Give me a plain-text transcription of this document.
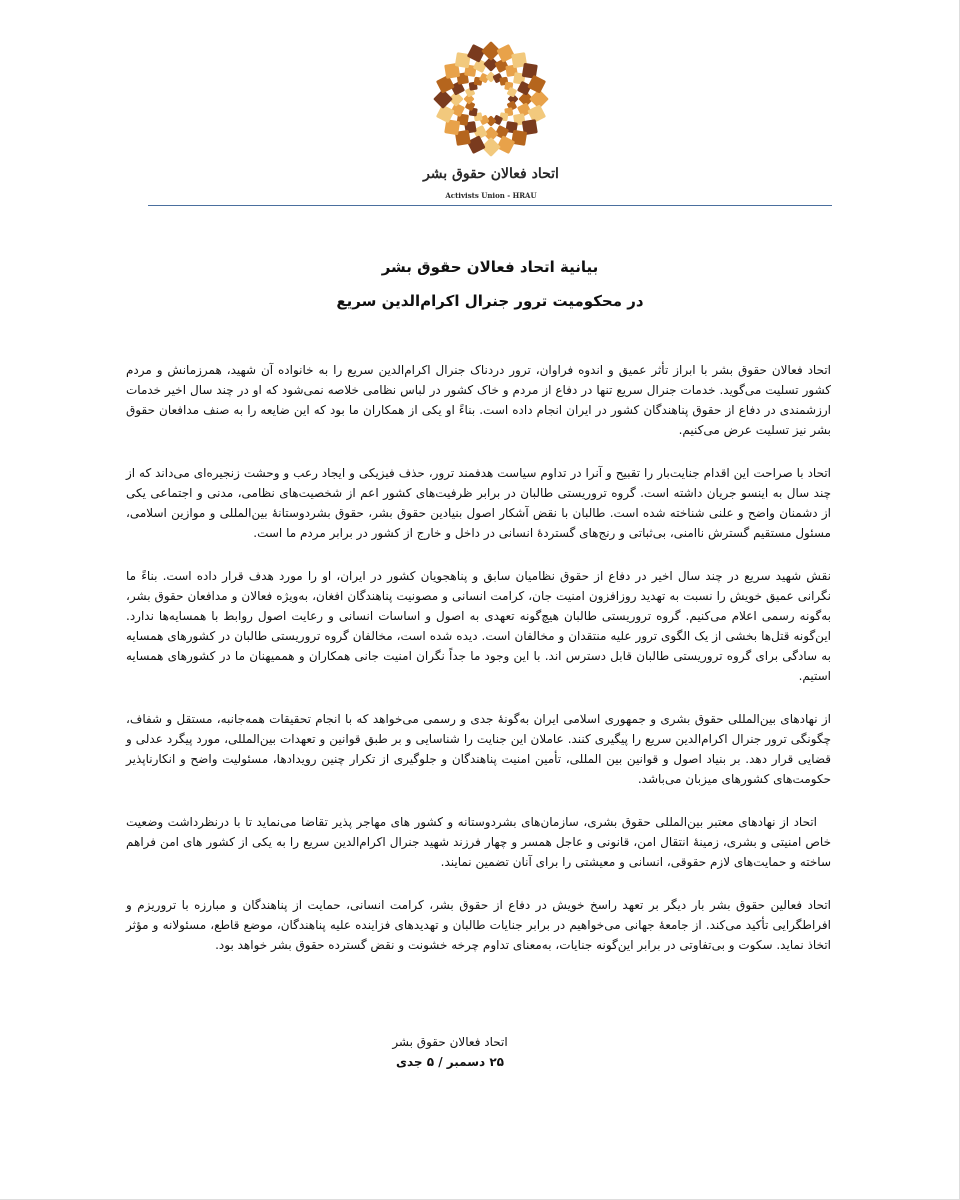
اتحاد فعالان حقوق بشر
Activists Union - HRAU
بيانية اتحاد فعالان حقوق بشر
در محكوميت ترور جنرال اكرام‌الدين سريع

اتحاد فعالان حقوق بشر با ابراز تأثر عميق و اندوه فراوان، ترور دردناک جنرال اکرام‌الدین سریع را به خانواده آن شهید، همرزمانش و مردم کشور تسلیت می‌گوید. خدمات جنرال سریع تنها در دفاع از مردم و خاک کشور در لباس نظامی خلاصه نمی‌شود که او در چند سال اخیر خدمات ارزشمندی در دفاع از حقوق پناهندگان کشور در ایران انجام داده است. بناءً او یکی از همکاران ما بود که این ضایعه را به صنف مدافعان حقوق بشر نیز تسلیت عرض می‌کنیم.

اتحاد با صراحت این اقدام جنایت‌بار را تقبیح و آنرا در تداوم سیاست هدفمند ترور، حذف فیزیکی و ایجاد رعب و وحشت زنجیره‌ای می‌داند که از چند سال به اینسو جریان داشته است. گروه تروریستی طالبان در برابر ظرفیت‌های کشور اعم از شخصیت‌های نظامی، مدنی و اجتماعی یکی از دشمنان واضح و علنی شناخته شده است. طالبان با نقض آشکار اصول بنیادین حقوق بشر، حقوق بشردوستانهٔ بین‌المللی و موازین اسلامی، مسئول مستقیم گسترش ناامنی، بی‌ثباتی و رنج‌های گستردهٔ انسانی در داخل و خارج از کشور در برابر مردم ما است.

نقش شهید سریع در چند سال اخیر در دفاع از حقوق نظامیان سابق و پناهجویان کشور در ایران، او را مورد هدف قرار داده است. بناءً ما نگرانی عمیق خویش را نسبت به تهدید روزافزون امنیت جان، کرامت انسانی و مصونیت پناهندگان افغان، به‌ویژه فعالان و مدافعان حقوق بشر، به‌گونه رسمی اعلام می‌کنیم. گروه تروریستی طالبان هیچ‌گونه تعهدی به اصول و اساسات انسانی و رعایت اصول روابط با همسایه‌ها ندارد. این‌گونه قتل‌ها بخشی از یک الگوی ترور علیه منتقدان و مخالفان است. دیده شده است، مخالفان گروه تروریستی طالبان در کشورهای همسایه به سادگی برای گروه تروریستی طالبان قابل دسترس اند. با این وجود ما جداً نگران امنیت جانی همکاران و هممیهنان ما در کشورهای همسایه استیم.

از نهادهای بین‌المللی حقوق بشری و جمهوری اسلامی ایران به‌گونهٔ جدی و رسمی می‌خواهد که با انجام تحقیقات همه‌جانبه، مستقل و شفاف، چگونگی ترور جنرال اکرام‌الدین سریع را پیگیری کنند. عاملان این جنایت را شناسایی و بر طبق قوانین و تعهدات بین‌المللی، مورد پیگرد عدلی و قضایی قرار دهد. بر بنیاد اصول و قوانین بین المللی، تأمین امنیت پناهندگان و جلوگیری از تکرار چنین رویدادها، مسئولیت واضح و انکارناپذیر حکومت‌های کشورهای میزبان می‌باشد.

اتحاد از نهادهای معتبر بین‌المللی حقوق بشری، سازمان‌های بشردوستانه و کشور های مهاجر پذیر تقاضا می‌نماید تا با درنظرداشت وضعیت خاص امنیتی و بشری، زمینهٔ انتقال امن، قانونی و عاجل همسر و چهار فرزند شهید جنرال اکرام‌الدین سریع را به یکی از کشور های امن فراهم ساخته و حمایت‌های لازم حقوقی، انسانی و معیشتی را برای آنان تضمین نمایند.

اتحاد فعالین حقوق بشر بار دیگر بر تعهد راسخ خویش در دفاع از حقوق بشر، کرامت انسانی، حمایت از پناهندگان و مبارزه با تروریزم و افراطگرایی تأکید می‌کند. از جامعهٔ جهانی می‌خواهیم در برابر جنایات طالبان و تهدیدهای فزاینده علیه پناهندگان، موضع قاطع، مسئولانه و مؤثر اتخاذ نماید. سکوت و بی‌تفاوتی در برابر این‌گونه جنایات، به‌معنای تداوم چرخه خشونت و نقض گسترده حقوق بشر خواهد بود.

اتحاد فعالان حقوق بشر
۲۵ دسمبر / ۵ جدی
